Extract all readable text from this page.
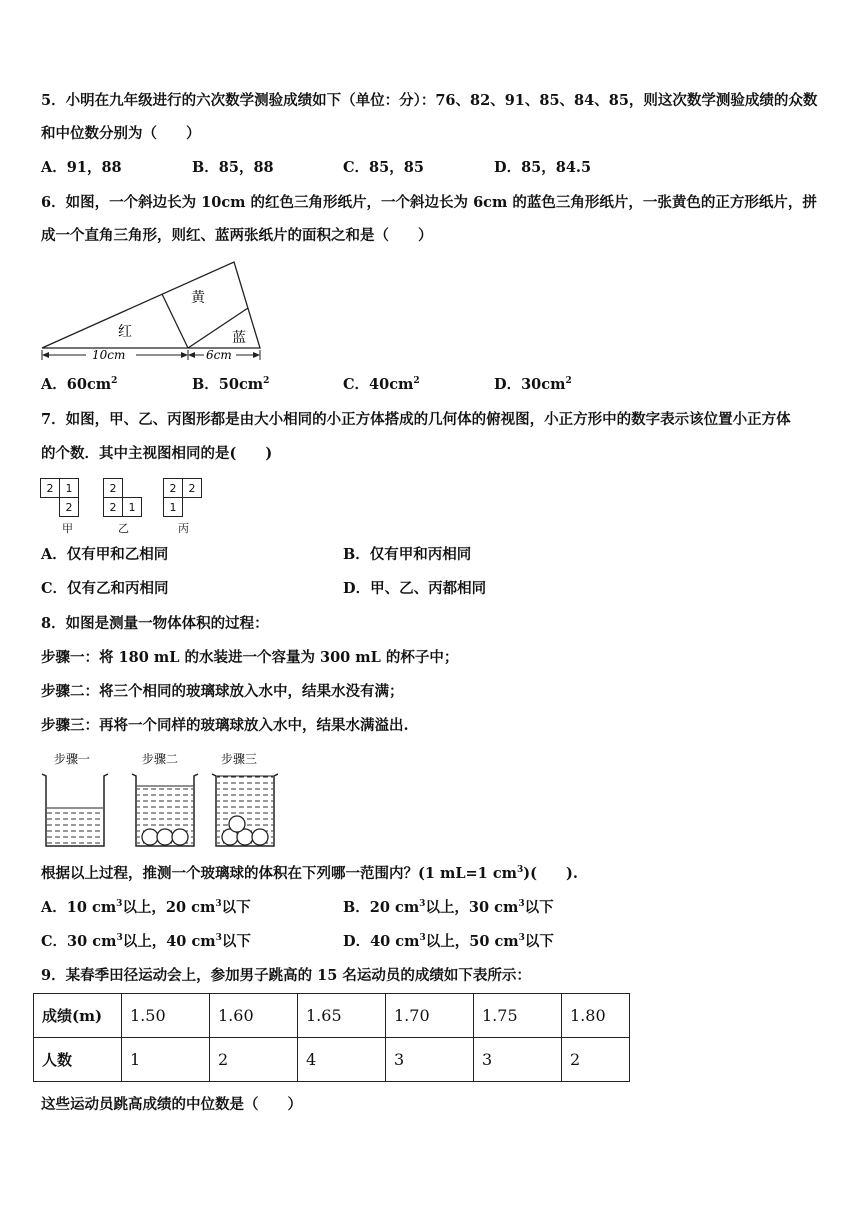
5．小明在九年级进行的六次数学测验成绩如下（单位：分）：76、82、91、85、84、85，则这次数学测验成绩的众数
和中位数分别为（　　）
A．91，88	B．85，88	C．85，85	D．85，84.5
6．如图，一个斜边长为 10cm 的红色三角形纸片，一个斜边长为 6cm 的蓝色三角形纸片，一张黄色的正方形纸片，拼
成一个直角三角形，则红、蓝两张纸片的面积之和是（　　）
黄
红	蓝
10cm	6cm
A．$60cm^2$	B．$50cm^2$	C．$40cm^2$	D．$30cm^2$
7．如图，甲、乙、丙图形都是由大小相同的小正方体搭成的几何体的俯视图，小正方形中的数字表示该位置小正方体
的个数．其中主视图相同的是(　　)
2	1
2
甲
2
2	1
乙
2	2
1
丙
A．仅有甲和乙相同	B．仅有甲和丙相同
C．仅有乙和丙相同	D．甲、乙、丙都相同
8．如图是测量一物体体积的过程：
步骤一：将 180 mL 的水装进一个容量为 300 mL 的杯子中；
步骤二：将三个相同的玻璃球放入水中，结果水没有满；
步骤三：再将一个同样的玻璃球放入水中，结果水满溢出.
步骤一	步骤二	步骤三
根据以上过程，推测一个玻璃球的体积在下列哪一范围内？(1 mL=1 $cm^3$)(　　).
A．10 $cm^3$以上，20 $cm^3$以下	B．20 $cm^3$以上，30 $cm^3$以下
C．30 $cm^3$以上，40 $cm^3$以下	D．40 $cm^3$以上，50 $cm^3$以下
9．某春季田径运动会上，参加男子跳高的 15 名运动员的成绩如下表所示：
成绩(m)	1.50	1.60	1.65	1.70	1.75	1.80
人数	1	2	4	3	3	2
这些运动员跳高成绩的中位数是（　　）
